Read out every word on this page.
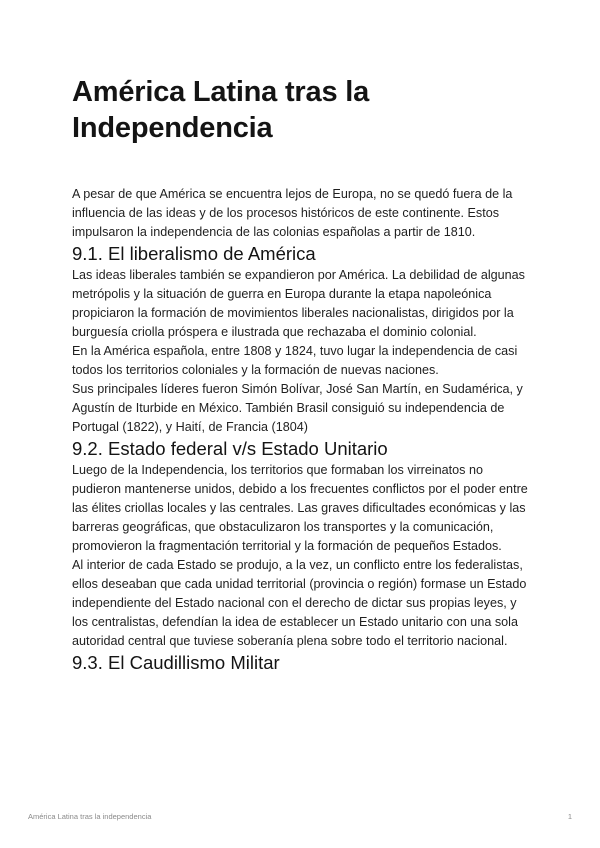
América Latina tras la Independencia

A pesar de que América se encuentra lejos de Europa, no se quedó fuera de la influencia de las ideas y de los procesos históricos de este continente. Estos impulsaron la independencia de las colonias españolas a partir de 1810.

9.1. El liberalismo de América

Las ideas liberales también se expandieron por América. La debilidad de algunas metrópolis y la situación de guerra en Europa durante la etapa napoleónica propiciaron la formación de movimientos liberales nacionalistas, dirigidos por la burguesía criolla próspera e ilustrada que rechazaba el dominio colonial.

En la América española, entre 1808 y 1824, tuvo lugar la independencia de casi todos los territorios coloniales y la formación de nuevas naciones.

Sus principales líderes fueron Simón Bolívar, José San Martín, en Sudamérica, y Agustín de Iturbide en México. También Brasil consiguió su independencia de Portugal (1822), y Haití, de Francia (1804)

9.2. Estado federal v/s Estado Unitario

Luego de la Independencia, los territorios que formaban los virreinatos no pudieron mantenerse unidos, debido a los frecuentes conflictos por el poder entre las élites criollas locales y las centrales. Las graves dificultades económicas y las barreras geográficas, que obstaculizaron los transportes y la comunicación, promovieron la fragmentación territorial y la formación de pequeños Estados.

Al interior de cada Estado se produjo, a la vez, un conflicto entre los federalistas, ellos deseaban que cada unidad territorial (provincia o región) formase un Estado independiente del Estado nacional con el derecho de dictar sus propias leyes, y los centralistas, defendían la idea de establecer un Estado unitario con una sola autoridad central que tuviese soberanía plena sobre todo el territorio nacional.

9.3. El Caudillismo Militar
América Latina tras la independencia	1
